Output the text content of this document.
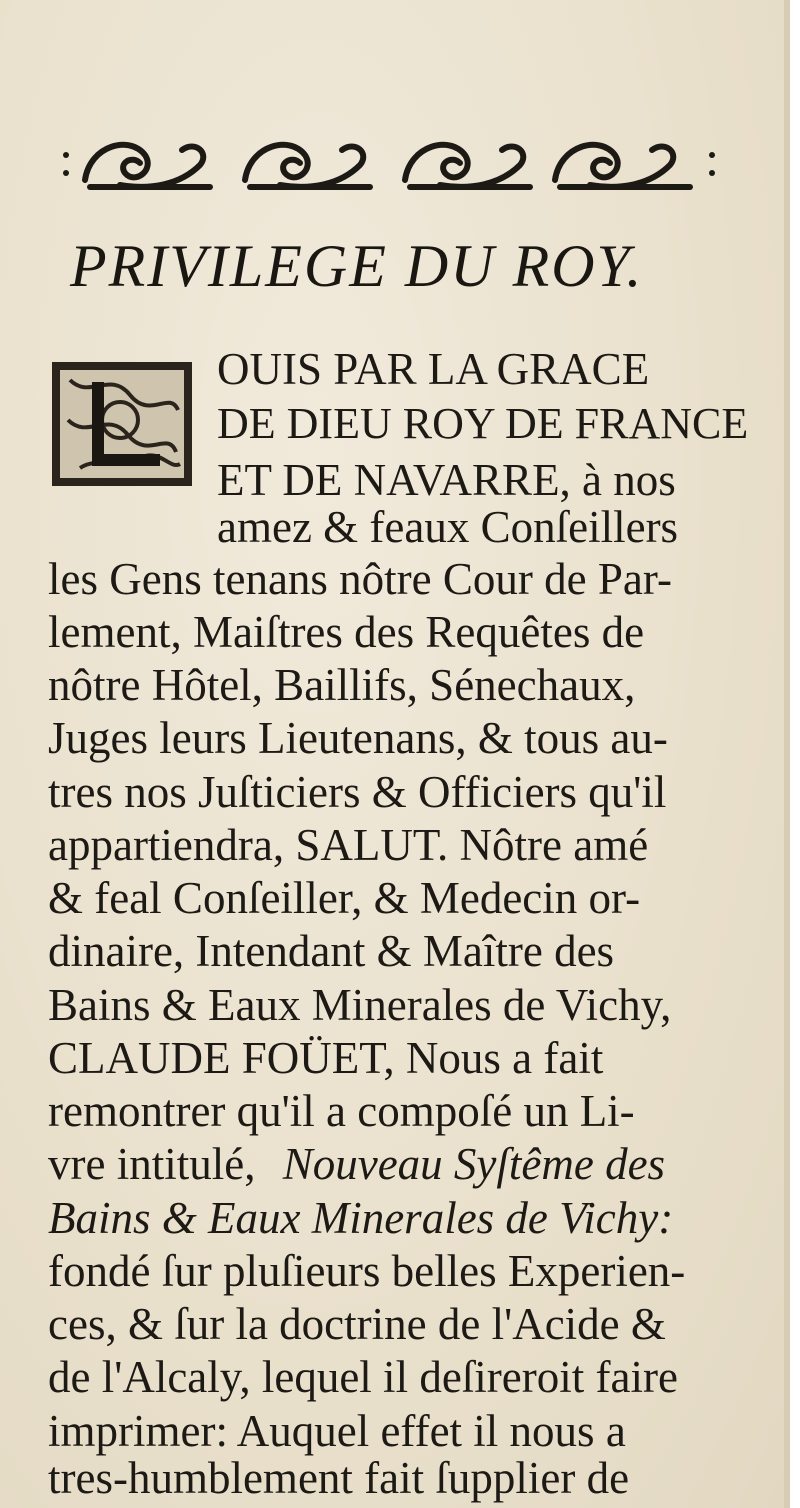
PRIVILEGE DU ROY.

OUIS PAR LA GRACE

DE DIEU ROY DE FRANCE

ET DE NAVARRE, à nos

amez & feaux Conſeillers

les Gens tenans nôtre Cour de Par-

lement, Maiſtres des Requêtes de

nôtre Hôtel, Baillifs, Sénechaux,

Juges leurs Lieutenans, & tous au-

tres nos Juſticiers & Officiers qu'il

appartiendra, SALUT. Nôtre amé

& feal Conſeiller, & Medecin or-

dinaire, Intendant & Maître des

Bains & Eaux Minerales de Vichy,

CLAUDE FOÜET, Nous a fait

remontrer qu'il a compoſé un Li-

vre intitulé, Nouveau Syſtême des

Bains & Eaux Minerales de Vichy:

fondé ſur pluſieurs belles Experien-

ces, & ſur la doctrine de l'Acide &

de l'Alcaly, lequel il deſireroit faire

imprimer: Auquel effet il nous a

tres-humblement fait ſupplier de
